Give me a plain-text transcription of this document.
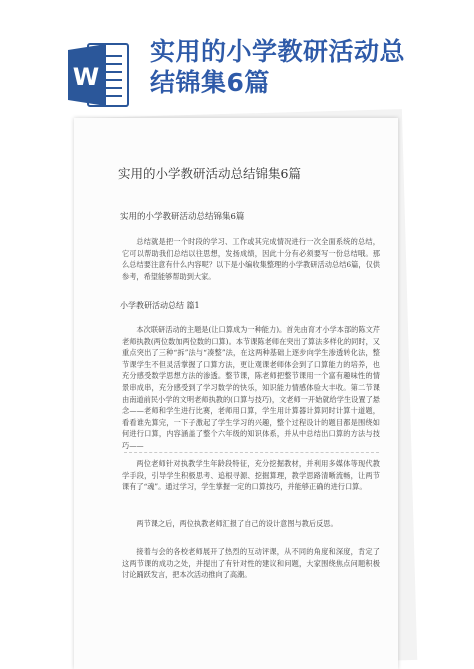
W
实用的小学教研活动总结锦集6篇
实用的小学教研活动总结锦集6篇
实用的小学教研活动总结锦集6篇

总结就是把一个时段的学习、工作或其完成情况进行一次全面系统的总结，它可以帮助我们总结以往思想，发扬成绩，因此十分有必须要写一份总结哦。那么总结要注意有什么内容呢？以下是小编收集整理的小学教研活动总结6篇，仅供参考，希望能够帮助到大家。

小学教研活动总结 篇1

本次联研活动的主题是(让口算成为一种能力)。首先由育才小学本部的陈文芹老师执教(两位数加两位数的口算)。本节课陈老师在突出了算法多样化的同时，又重点突出了三种“拆”法与“凑整”法，在这两种基础上逐步向学生渗透转化法，整节课学生不但灵活掌握了口算方法，更让观课老师体会到了口算能力的培养，也充分感受数学思想方法的渗透。整节课，陈老师把整节课用一个富有趣味性的情景串成串，充分感受到了学习数学的快乐，知识能力情感体验大丰收。第二节课由南道前民小学的文明老师执教的(口算与技巧)，文老师一开始就给学生设置了悬念——老师和学生进行比赛，老师用口算，学生用计算器计算同时计算十道题，看看谁先算完，一下子激起了学生学习的兴趣，整个过程设计的题目都是围绕如何进行口算，内容涵盖了整个六年级的知识体系，并从中总结出口算的方法与技巧——

两位老师针对执教学生年龄段特征，充分挖掘教材，并利用多媒体等现代教学手段，引导学生积极思考、追根寻源、挖掘算理，教学思路清晰流畅，让两节课有了“魂”。通过学习，学生掌握一定的口算技巧，并能够正确的进行口算。

两节课之后，两位执教老师汇报了自己的设计意图与教后反思。

接着与会的各校老师展开了热烈的互动评课，从不同的角度和深度，肯定了这两节课的成功之处，并提出了有针对性的建议和问题，大家围绕焦点问题积极讨论踊跃发言，把本次活动推向了高潮。
